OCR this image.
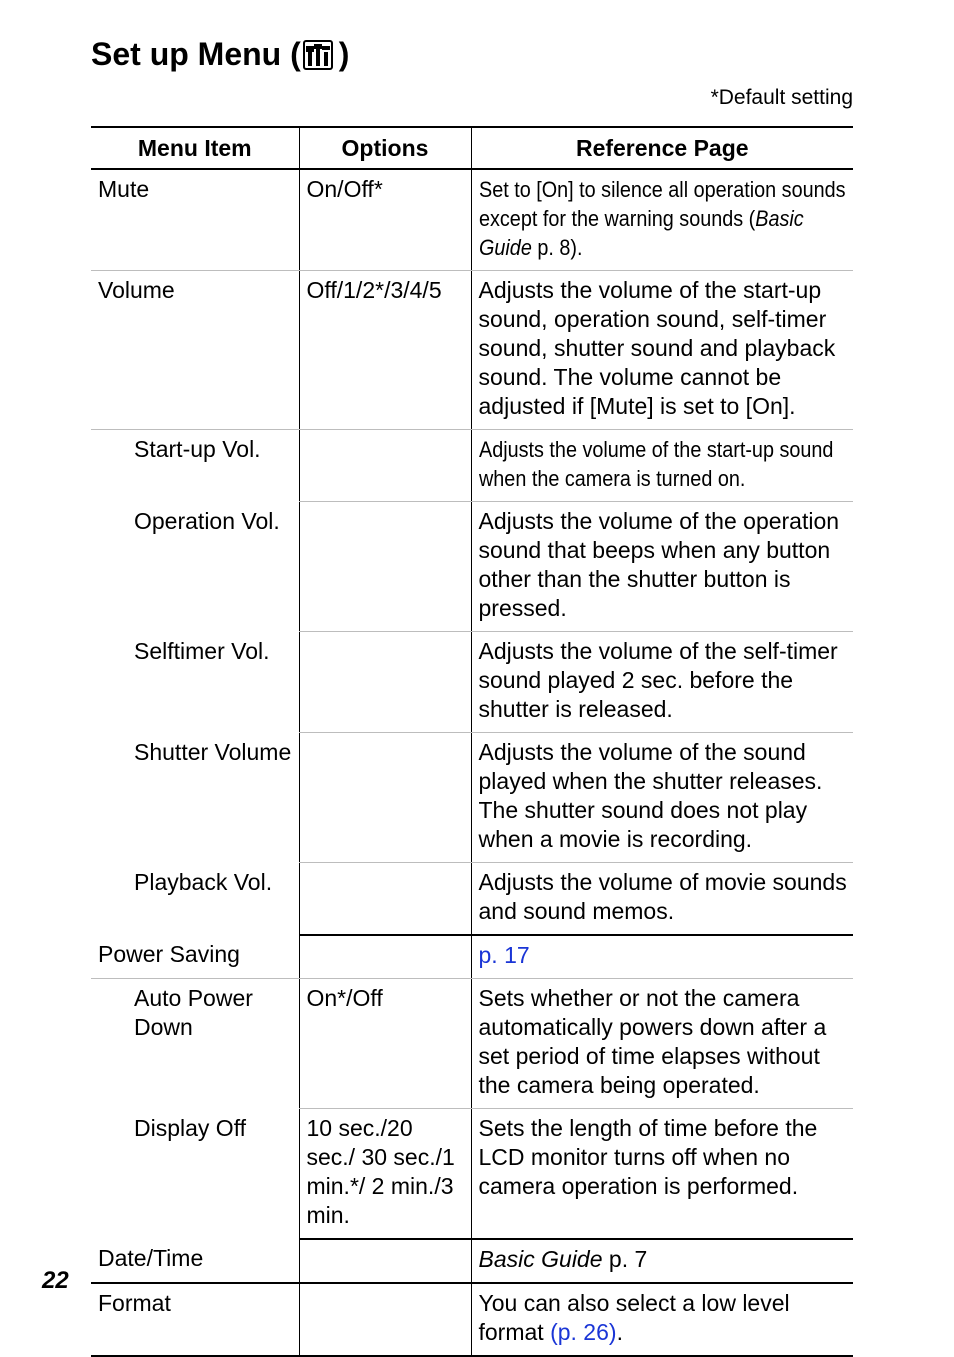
Set up Menu ( )
*Default setting
Menu Item	Options	Reference Page
Mute	On/Off*	Set to [On] to silence all operation sounds except for the warning sounds (Basic Guide p. 8).
Volume	Off/1/2*/3/4/5	Adjusts the volume of the start-up sound, operation sound, self-timer sound, shutter sound and playback sound. The volume cannot be adjusted if [Mute] is set to [On].
Start-up Vol.		Adjusts the volume of the start-up sound when the camera is turned on.
Operation Vol.		Adjusts the volume of the operation sound that beeps when any button other than the shutter button is pressed.
Selftimer Vol.		Adjusts the volume of the self-timer sound played 2 sec. before the shutter is released.
Shutter Volume		Adjusts the volume of the sound played when the shutter releases. The shutter sound does not play when a movie is recording.
Playback Vol.		Adjusts the volume of movie sounds and sound memos.
Power Saving		p. 17
Auto Power Down	On*/Off	Sets whether or not the camera automatically powers down after a set period of time elapses without the camera being operated.
Display Off	10 sec./20 sec./ 30 sec./1 min.*/ 2 min./3 min.	Sets the length of time before the LCD monitor turns off when no camera operation is performed.
Date/Time		Basic Guide p. 7
Format		You can also select a low level format (p. 26).
22
